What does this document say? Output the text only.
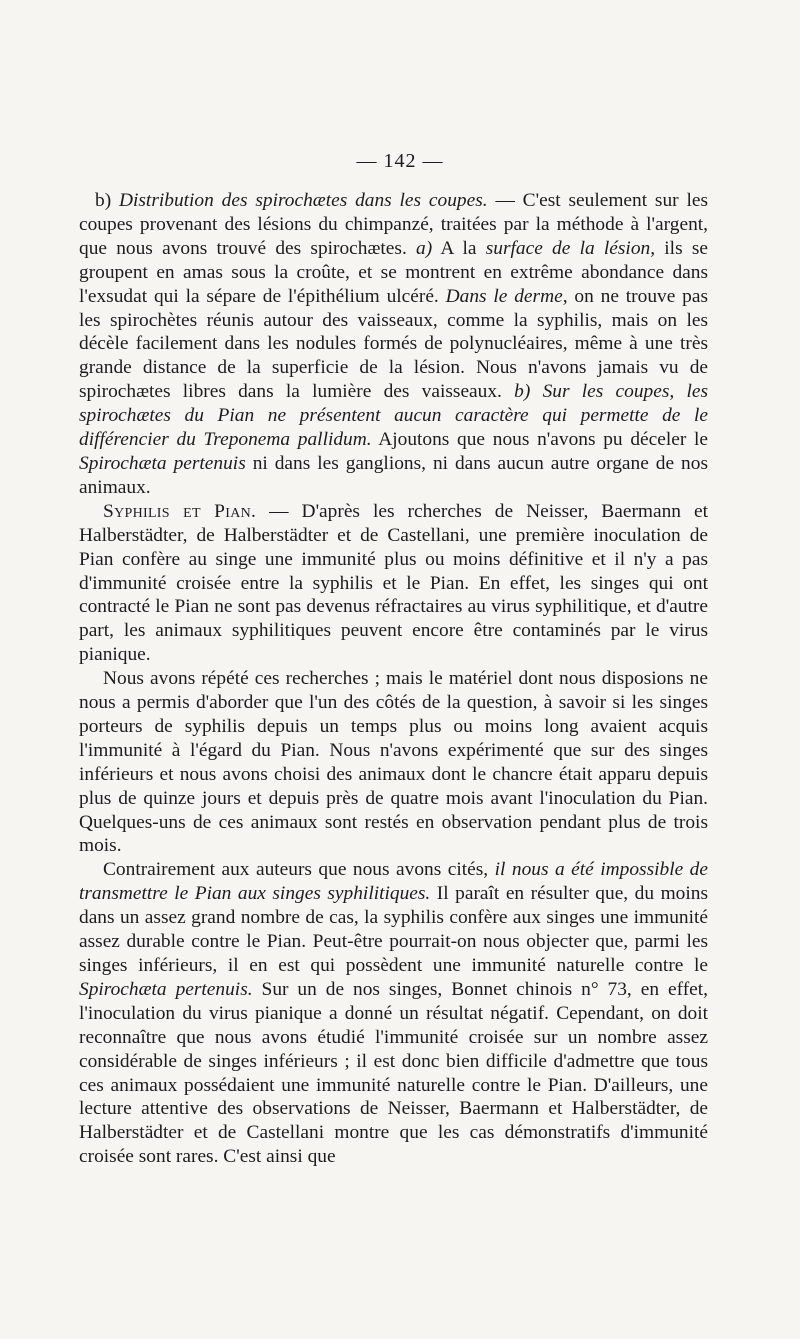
— 142 —

b) Distribution des spirochætes dans les coupes. — C'est seulement sur les coupes provenant des lésions du chimpanzé, traitées par la méthode à l'argent, que nous avons trouvé des spirochætes. a) A la surface de la lésion, ils se groupent en amas sous la croûte, et se montrent en extrême abondance dans l'exsudat qui la sépare de l'épithélium ulcéré. Dans le derme, on ne trouve pas les spirochètes réunis autour des vaisseaux, comme la syphilis, mais on les décèle facilement dans les nodules formés de polynucléaires, même à une très grande distance de la superficie de la lésion. Nous n'avons jamais vu de spirochætes libres dans la lumière des vaisseaux. b) Sur les coupes, les spirochætes du Pian ne présentent aucun caractère qui permette de le différencier du Treponema pallidum. Ajoutons que nous n'avons pu déceler le Spirochæta pertenuis ni dans les ganglions, ni dans aucun autre organe de nos animaux.

Syphilis et Pian. — D'après les rcherches de Neisser, Baermann et Halberstädter, de Halberstädter et de Castellani, une première inoculation de Pian confère au singe une immunité plus ou moins définitive et il n'y a pas d'immunité croisée entre la syphilis et le Pian. En effet, les singes qui ont contracté le Pian ne sont pas devenus réfractaires au virus syphilitique, et d'autre part, les animaux syphilitiques peuvent encore être contaminés par le virus pianique.

Nous avons répété ces recherches ; mais le matériel dont nous disposions ne nous a permis d'aborder que l'un des côtés de la question, à savoir si les singes porteurs de syphilis depuis un temps plus ou moins long avaient acquis l'immunité à l'égard du Pian. Nous n'avons expérimenté que sur des singes inférieurs et nous avons choisi des animaux dont le chancre était apparu depuis plus de quinze jours et depuis près de quatre mois avant l'inoculation du Pian. Quelques-uns de ces animaux sont restés en observation pendant plus de trois mois.

Contrairement aux auteurs que nous avons cités, il nous a été impossible de transmettre le Pian aux singes syphilitiques. Il paraît en résulter que, du moins dans un assez grand nombre de cas, la syphilis confère aux singes une immunité assez durable contre le Pian. Peut-être pourrait-on nous objecter que, parmi les singes inférieurs, il en est qui possèdent une immunité naturelle contre le Spirochæta pertenuis. Sur un de nos singes, Bonnet chinois n° 73, en effet, l'inoculation du virus pianique a donné un résultat négatif. Cependant, on doit reconnaître que nous avons étudié l'immunité croisée sur un nombre assez considérable de singes inférieurs ; il est donc bien difficile d'admettre que tous ces animaux possédaient une immunité naturelle contre le Pian. D'ailleurs, une lecture attentive des observations de Neisser, Baermann et Halberstädter, de Halberstädter et de Castellani montre que les cas démonstratifs d'immunité croisée sont rares. C'est ainsi que
